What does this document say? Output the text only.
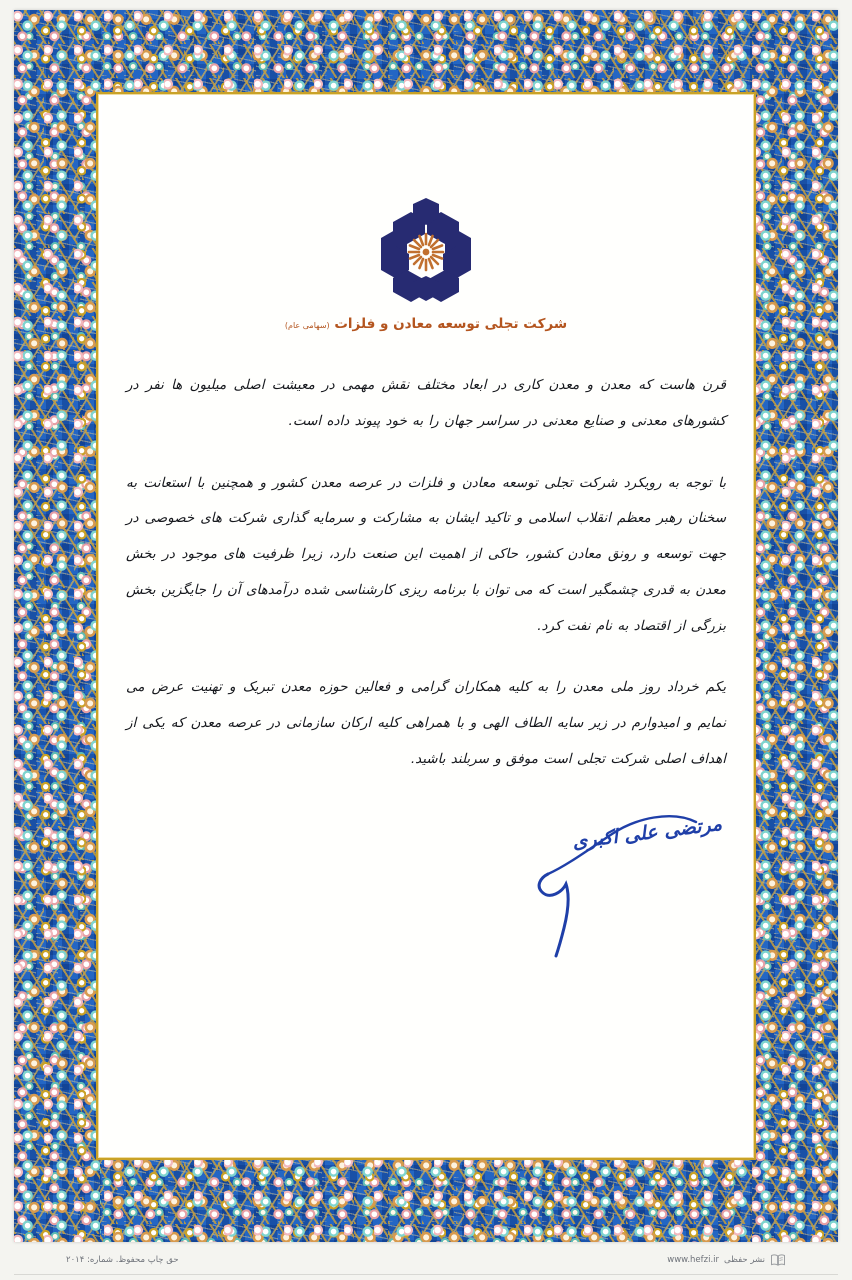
شرکت تجلی توسعه معادن و فلزات (سهامی عام)

قرن هاست که معدن و معدن کاری در ابعاد مختلف نقش مهمی در معیشت اصلی میلیون ها نفر در کشورهای معدنی و صنایع معدنی در سراسر جهان را به خود پیوند داده است.

با توجه به رویکرد شرکت تجلی توسعه معادن و فلزات در عرصه معدن کشور و همچنین با استعانت به سخنان رهبر معظم انقلاب اسلامی و تاکید ایشان به مشارکت و سرمایه گذاری شرکت های خصوصی در جهت توسعه و رونق معادن کشور، حاکی از اهمیت این صنعت دارد، زیرا ظرفیت های موجود در بخش معدن به قدری چشمگیر است که می توان با برنامه ریزی کارشناسی شده درآمدهای آن را جایگزین بخش بزرگی از اقتصاد به نام نفت کرد.

یکم خرداد روز ملی معدن را به کلیه همکاران گرامی و فعالین حوزه معدن تبریک و تهنیت عرض می نمایم و امیدوارم در زیر سایه الطاف الهی و با همراهی کلیه ارکان سازمانی در عرصه معدن که یکی از اهداف اصلی شرکت تجلی است موفق و سربلند باشید.

مرتضی علی اکبری
نشر حفظی
www.hefzi.ir
حق چاپ محفوظ. شماره: ۲۰۱۴
